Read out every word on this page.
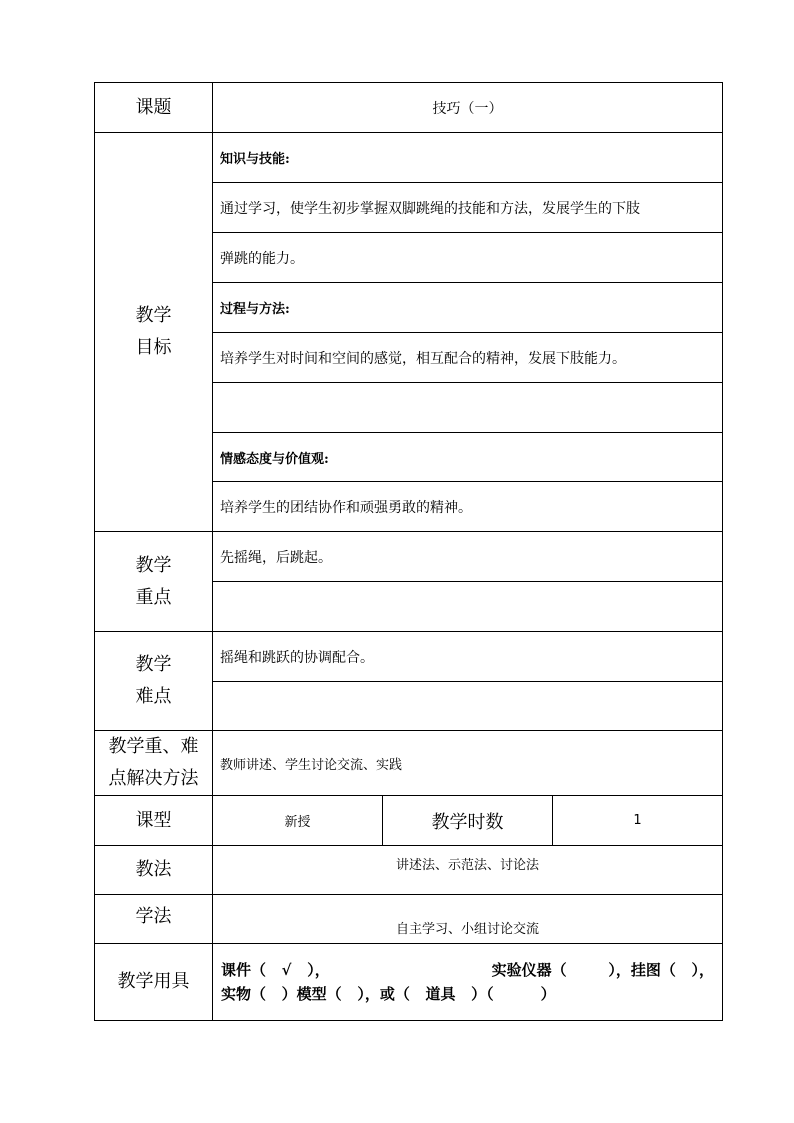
课题	技巧（一）		

教学
目标	知识与技能:		
	通过学习，使学生初步掌握双脚跳绳的技能和方法，发展学生的下肢		
	弹跳的能力。		
	过程与方法:		
	培养学生对时间和空间的感觉，相互配合的精神，发展下肢能力。		

	情感态度与价值观:		
	培养学生的团结协作和顽强勇敢的精神。		

教学
重点	先摇绳，后跳起。		

教学
难点	摇绳和跳跃的协调配合。		

教学重、难
点解决方法	教师讲述、学生讨论交流、实践		
课型	新授	教学时数	1
教法	讲述法、示范法、讨论法		
学法	自主学习、小组讨论交流		
教学用具	课件（   √   ）， 实验仪器（        ），挂图（   ），
实物（   ）模型（   ），或（   道具   ）（         ）		
